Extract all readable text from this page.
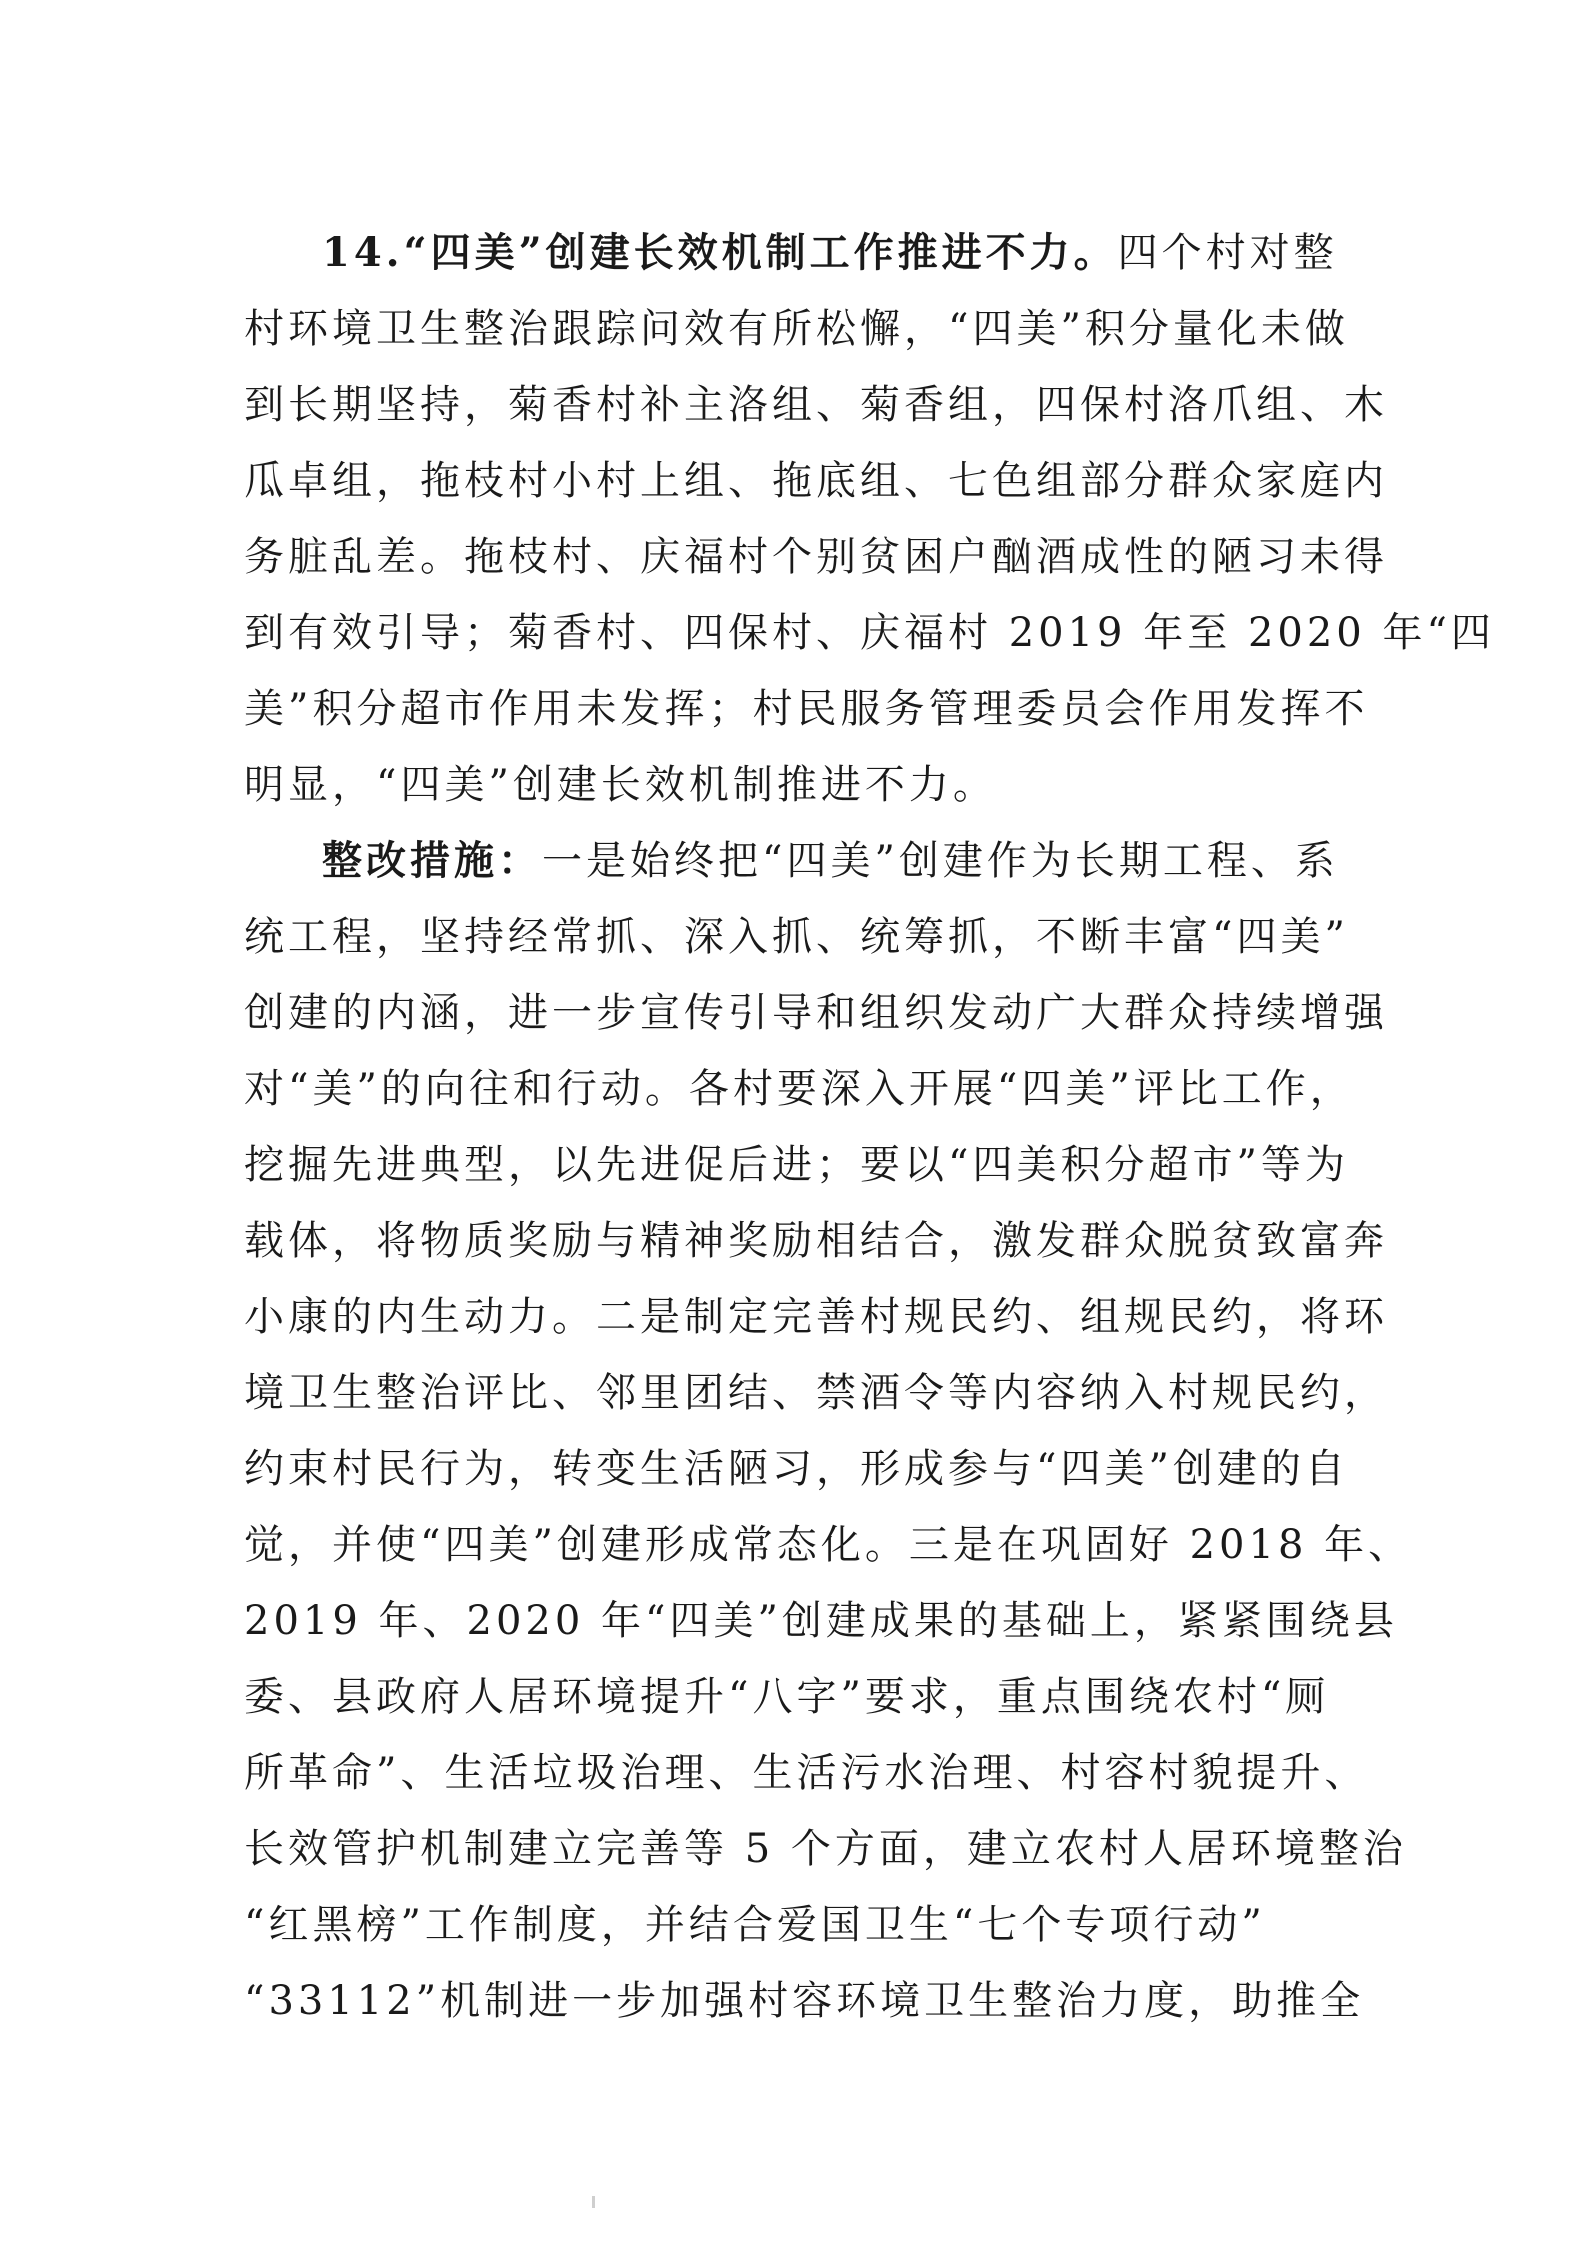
14.“四美”创建长效机制工作推进不力。四个村对整
村环境卫生整治跟踪问效有所松懈，“四美”积分量化未做
到长期坚持，菊香村补主洛组、菊香组，四保村洛爪组、木
瓜卓组，拖枝村小村上组、拖底组、七色组部分群众家庭内
务脏乱差。拖枝村、庆福村个别贫困户酗酒成性的陋习未得
到有效引导；菊香村、四保村、庆福村 2019 年至 2020 年“四
美”积分超市作用未发挥；村民服务管理委员会作用发挥不
明显，“四美”创建长效机制推进不力。
整改措施：一是始终把“四美”创建作为长期工程、系
统工程，坚持经常抓、深入抓、统筹抓，不断丰富“四美”
创建的内涵，进一步宣传引导和组织发动广大群众持续增强
对“美”的向往和行动。各村要深入开展“四美”评比工作，
挖掘先进典型，以先进促后进；要以“四美积分超市”等为
载体，将物质奖励与精神奖励相结合，激发群众脱贫致富奔
小康的内生动力。二是制定完善村规民约、组规民约，将环
境卫生整治评比、邻里团结、禁酒令等内容纳入村规民约，
约束村民行为，转变生活陋习，形成参与“四美”创建的自
觉，并使“四美”创建形成常态化。三是在巩固好 2018 年、
2019 年、2020 年“四美”创建成果的基础上，紧紧围绕县
委、县政府人居环境提升“八字”要求，重点围绕农村“厕
所革命”、生活垃圾治理、生活污水治理、村容村貌提升、
长效管护机制建立完善等 5 个方面，建立农村人居环境整治
“红黑榜”工作制度，并结合爱国卫生“七个专项行动”
“33112”机制进一步加强村容环境卫生整治力度，助推全
